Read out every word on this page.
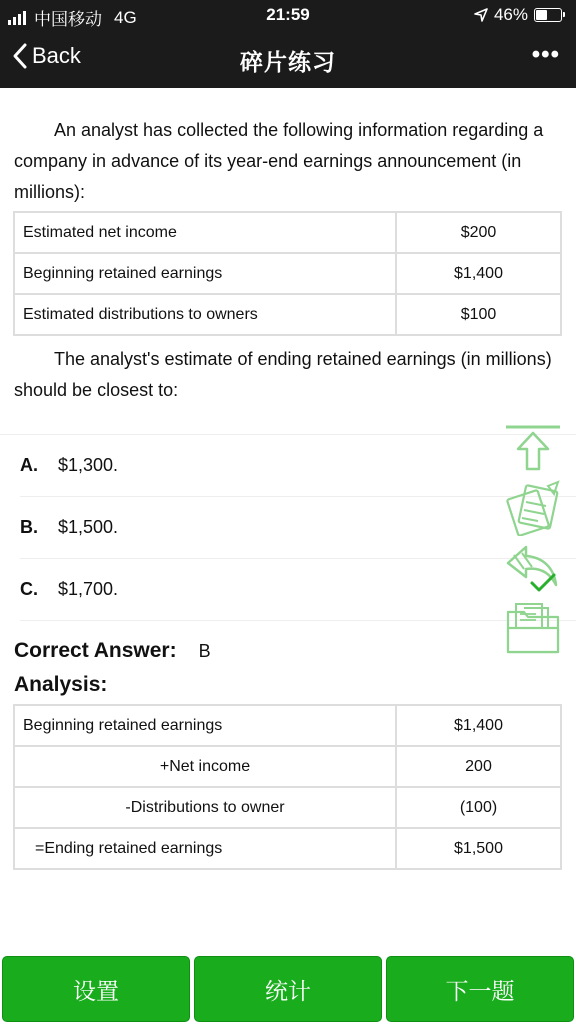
中国移动 4G	21:59	46%
Back	碎片练习	•••

An analyst has collected the following information regarding a company in advance of its year-end earnings announcement (in millions):

Estimated net income	$200
Beginning retained earnings	$1,400
Estimated distributions to owners	$100

The analyst's estimate of ending retained earnings (in millions) should be closest to:

A.	$1,300.
B.	$1,500.
C.	$1,700.
Correct Answer: B
Analysis:
Beginning retained earnings	$1,400
+Net income	200
-Distributions to owner	(100)
=Ending retained earnings	$1,500
设置	统计	下一题
